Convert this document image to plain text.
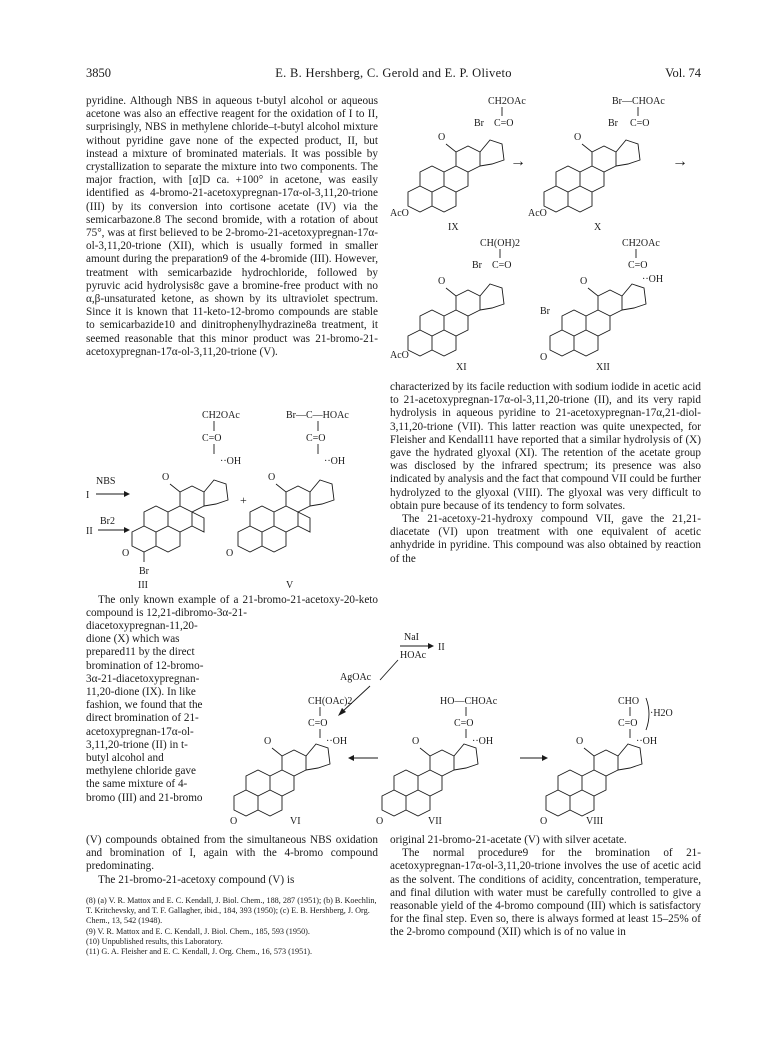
3850	E. B. Hershberg, C. Gerold and E. P. Oliveto	Vol. 74

pyridine. Although NBS in aqueous t-butyl alcohol or aqueous acetone was also an effective reagent for the oxidation of I to II, surprisingly, NBS in methylene chloride–t-butyl alcohol mixture without pyridine gave none of the expected product, II, but instead a mixture of brominated materials. It was possible by crystallization to separate the mixture into two components. The major fraction, with [α]D ca. +100° in acetone, was easily identified as 4-bromo-21-acetoxypregnan-17α-ol-3,11,20-trione (III) by its conversion into cortisone acetate (IV) via the semicarbazone.8 The second bromide, with a rotation of about 75°, was at first believed to be 2-bromo-21-acetoxypregnan-17α-ol-3,11,20-trione (XII), which is usually formed in smaller amount during the preparation9 of the 4-bromide (III). However, treatment with semicarbazide hydrochloride, followed by pyruvic acid hydrolysis8c gave a bromine-free product with no α,β-unsaturated ketone, as shown by its ultraviolet spectrum. Since it is known that 11-keto-12-bromo compounds are stable to semicarbazide10 and dinitrophenylhydrazine8a treatment, it seemed reasonable that this minor product was 21-bromo-21-acetoxypregnan-17α-ol-3,11,20-trione (V).

CH2OAc
C=O
··OH
O
O
Br
III
NBS
I
Br2
II
+
Br—C—HOAc
C=O
··OH
O
O
V

The only known example of a 21-bromo-21-acetoxy-20-keto compound is 12,21-dibromo-3α-21-

diacetoxypregnan-11,20-dione (X) which was prepared11 by the direct bromination of 12-bromo-3α-21-diacetoxypregnan-11,20-dione (IX). In like fashion, we found that the direct bromination of 21-acetoxypregnan-17α-ol-3,11,20-trione (II) in t-butyl alcohol and methylene chloride gave the same mixture of 4-bromo (III) and 21-bromo

(V) compounds obtained from the simultaneous NBS oxidation and bromination of I, again with the 4-bromo compound predominating.

The 21-bromo-21-acetoxy compound (V) is

(8) (a) V. R. Mattox and E. C. Kendall, J. Biol. Chem., 188, 287 (1951); (b) B. Koechlin, T. Kritchevsky, and T. F. Gallagher, ibid., 184, 393 (1950); (c) E. B. Hershberg, J. Org. Chem., 13, 542 (1948).
(9) V. R. Mattox and E. C. Kendall, J. Biol. Chem., 185, 593 (1950).
(10) Unpublished results, this Laboratory.
(11) G. A. Fleisher and E. C. Kendall, J. Org. Chem., 16, 573 (1951).
CH2OAc
Br C=O
O
AcO
IX
→
Br—CHOAc
Br C=O
O
AcO
X
→
CH(OH)2
Br C=O
O
AcO
XI
CH2OAc
C=O
··OH
O
Br
O
XII

characterized by its facile reduction with sodium iodide in acetic acid to 21-acetoxypregnan-17α-ol-3,11,20-trione (II), and its very rapid hydrolysis in aqueous pyridine to 21-acetoxypregnan-17α,21-diol-3,11,20-trione (VII). This latter reaction was quite unexpected, for Fleisher and Kendall11 have reported that a similar hydrolysis of (X) gave the hydrated glyoxal (XI). The retention of the acetate group was disclosed by the infrared spectrum; its presence was also indicated by analysis and the fact that compound VII could be further hydrolyzed to the glyoxal (VIII). The glyoxal was very difficult to obtain pure because of its tendency to form solvates.

The 21-acetoxy-21-hydroxy compound VII, gave the 21,21-diacetate (VI) upon treatment with one equivalent of acetic anhydride in pyridine. This compound was also obtained by reaction of the

NaI
II
HOAc
AgOAc
CH(OAc)2
C=O
··OH
O
O	VI
HO—CHOAc
C=O
··OH
O
O	VII
CHO
C=O
·H2O
··OH
O
O	VIII

original 21-bromo-21-acetate (V) with silver acetate.

The normal procedure9 for the bromination of 21-acetoxypregnan-17α-ol-3,11,20-trione involves the use of acetic acid as the solvent. The conditions of acidity, concentration, temperature, and final dilution with water must be carefully controlled to give a reasonable yield of the 4-bromo compound (III) which is satisfactory for the final step. Even so, there is always formed at least 15–25% of the 2-bromo compound (XII) which is of no value in
